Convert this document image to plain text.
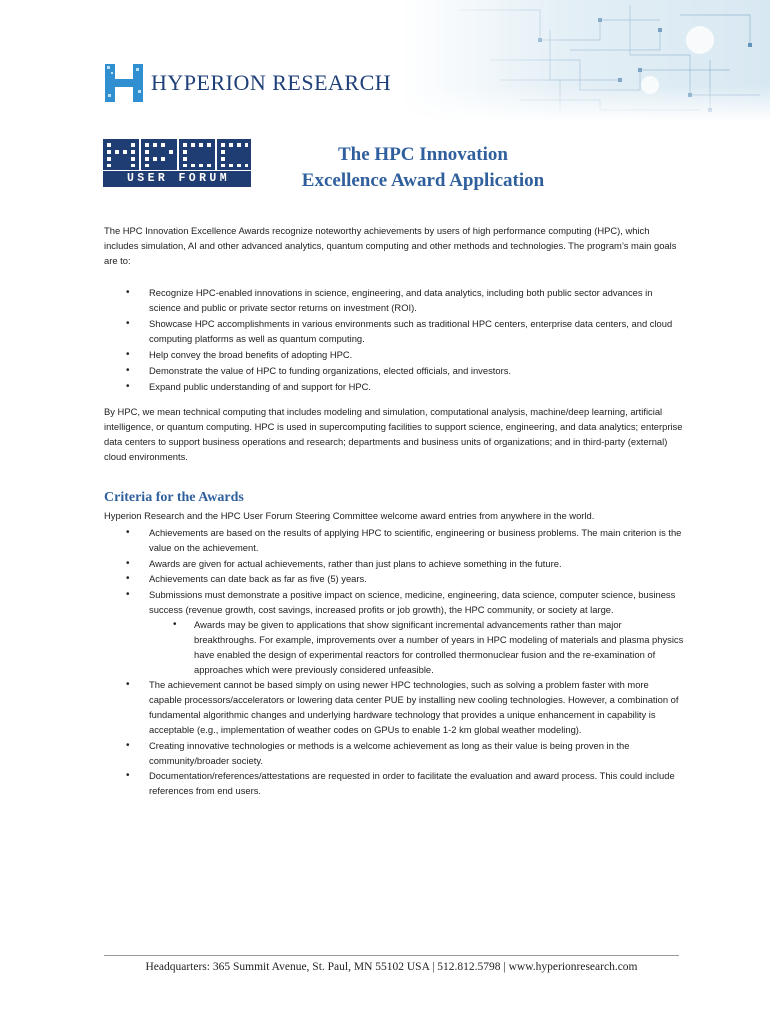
HYPERION RESEARCH
USER FORUM
The HPC Innovation
Excellence Award Application

The HPC Innovation Excellence Awards recognize noteworthy achievements by users of high performance computing (HPC), which includes simulation, AI and other advanced analytics, quantum computing and other methods and technologies. The program’s main goals are to:

• Recognize HPC-enabled innovations in science, engineering, and data analytics, including both public sector advances in science and public or private sector returns on investment (ROI).
• Showcase HPC accomplishments in various environments such as traditional HPC centers, enterprise data centers, and cloud computing platforms as well as quantum computing.
• Help convey the broad benefits of adopting HPC.
• Demonstrate the value of HPC to funding organizations, elected officials, and investors.
• Expand public understanding of and support for HPC.

By HPC, we mean technical computing that includes modeling and simulation, computational analysis, machine/deep learning, artificial intelligence, or quantum computing. HPC is used in supercomputing facilities to support science, engineering, and data analytics; enterprise data centers to support business operations and research; departments and business units of organizations; and in third-party (external) cloud environments.

Criteria for the Awards

Hyperion Research and the HPC User Forum Steering Committee welcome award entries from anywhere in the world.

• Achievements are based on the results of applying HPC to scientific, engineering or business problems. The main criterion is the value on the achievement.
• Awards are given for actual achievements, rather than just plans to achieve something in the future.
• Achievements can date back as far as five (5) years.
• Submissions must demonstrate a positive impact on science, medicine, engineering, data science, computer science, business success (revenue growth, cost savings, increased profits or job growth), the HPC community, or society at large.
• Awards may be given to applications that show significant incremental advancements rather than major breakthroughs. For example, improvements over a number of years in HPC modeling of materials and plasma physics have enabled the design of experimental reactors for controlled thermonuclear fusion and the re-examination of approaches which were previously considered unfeasible.
• The achievement cannot be based simply on using newer HPC technologies, such as solving a problem faster with more capable processors/accelerators or lowering data center PUE by installing new cooling technologies. However, a combination of fundamental algorithmic changes and underlying hardware technology that provides a unique enhancement in capability is acceptable (e.g., implementation of weather codes on GPUs to enable 1-2 km global weather modeling).
• Creating innovative technologies or methods is a welcome achievement as long as their value is being proven in the community/broader society.
• Documentation/references/attestations are requested in order to facilitate the evaluation and award process. This could include references from end users.
Headquarters: 365 Summit Avenue, St. Paul, MN 55102 USA | 512.812.5798 | www.hyperionresearch.com
